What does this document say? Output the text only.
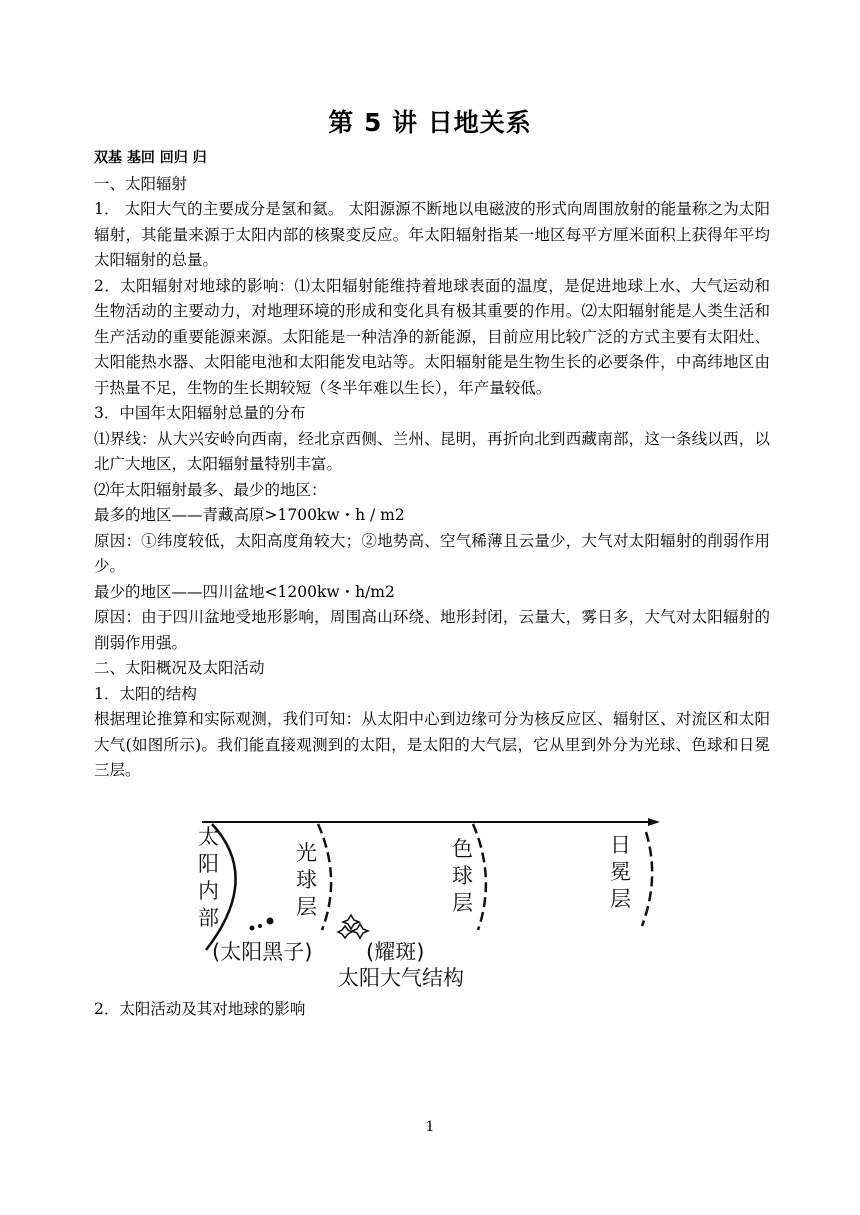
第 5 讲 日地关系

双基 基回 回归 归

一、太阳辐射

1． 太阳大气的主要成分是氢和氦。 太阳源源不断地以电磁波的形式向周围放射的能量称之为太阳辐射，其能量来源于太阳内部的核聚变反应。年太阳辐射指某一地区每平方厘米面积上获得年平均太阳辐射的总量。

2．太阳辐射对地球的影响：⑴太阳辐射能维持着地球表面的温度，是促进地球上水、大气运动和生物活动的主要动力，对地理环境的形成和变化具有极其重要的作用。⑵太阳辐射能是人类生活和生产活动的重要能源来源。太阳能是一种洁净的新能源，目前应用比较广泛的方式主要有太阳灶、太阳能热水器、太阳能电池和太阳能发电站等。太阳辐射能是生物生长的必要条件，中高纬地区由于热量不足，生物的生长期较短（冬半年难以生长），年产量较低。

3．中国年太阳辐射总量的分布

⑴界线：从大兴安岭向西南，经北京西侧、兰州、昆明，再折向北到西藏南部，这一条线以西，以北广大地区，太阳辐射量特别丰富。

⑵年太阳辐射最多、最少的地区：

最多的地区——青藏高原>1700kw・h / m2

原因：①纬度较低，太阳高度角较大；②地势高、空气稀薄且云量少，大气对太阳辐射的削弱作用少。

最少的地区——四川盆地<1200kw・h/m2

原因：由于四川盆地受地形影响，周围高山环绕、地形封闭，云量大，雾日多，大气对太阳辐射的削弱作用强。

二、太阳概况及太阳活动

1．太阳的结构

根据理论推算和实际观测，我们可知：从太阳中心到边缘可分为核反应区、辐射区、对流区和太阳大气(如图所示)。我们能直接观测到的太阳，是太阳的大气层，它从里到外分为光球、色球和日冕三层。

太
阳
内
部
光
球
层
色
球
层
日
冕
层
(太阳黑子)	(耀斑)
太阳大气结构

2．太阳活动及其对地球的影响

1
